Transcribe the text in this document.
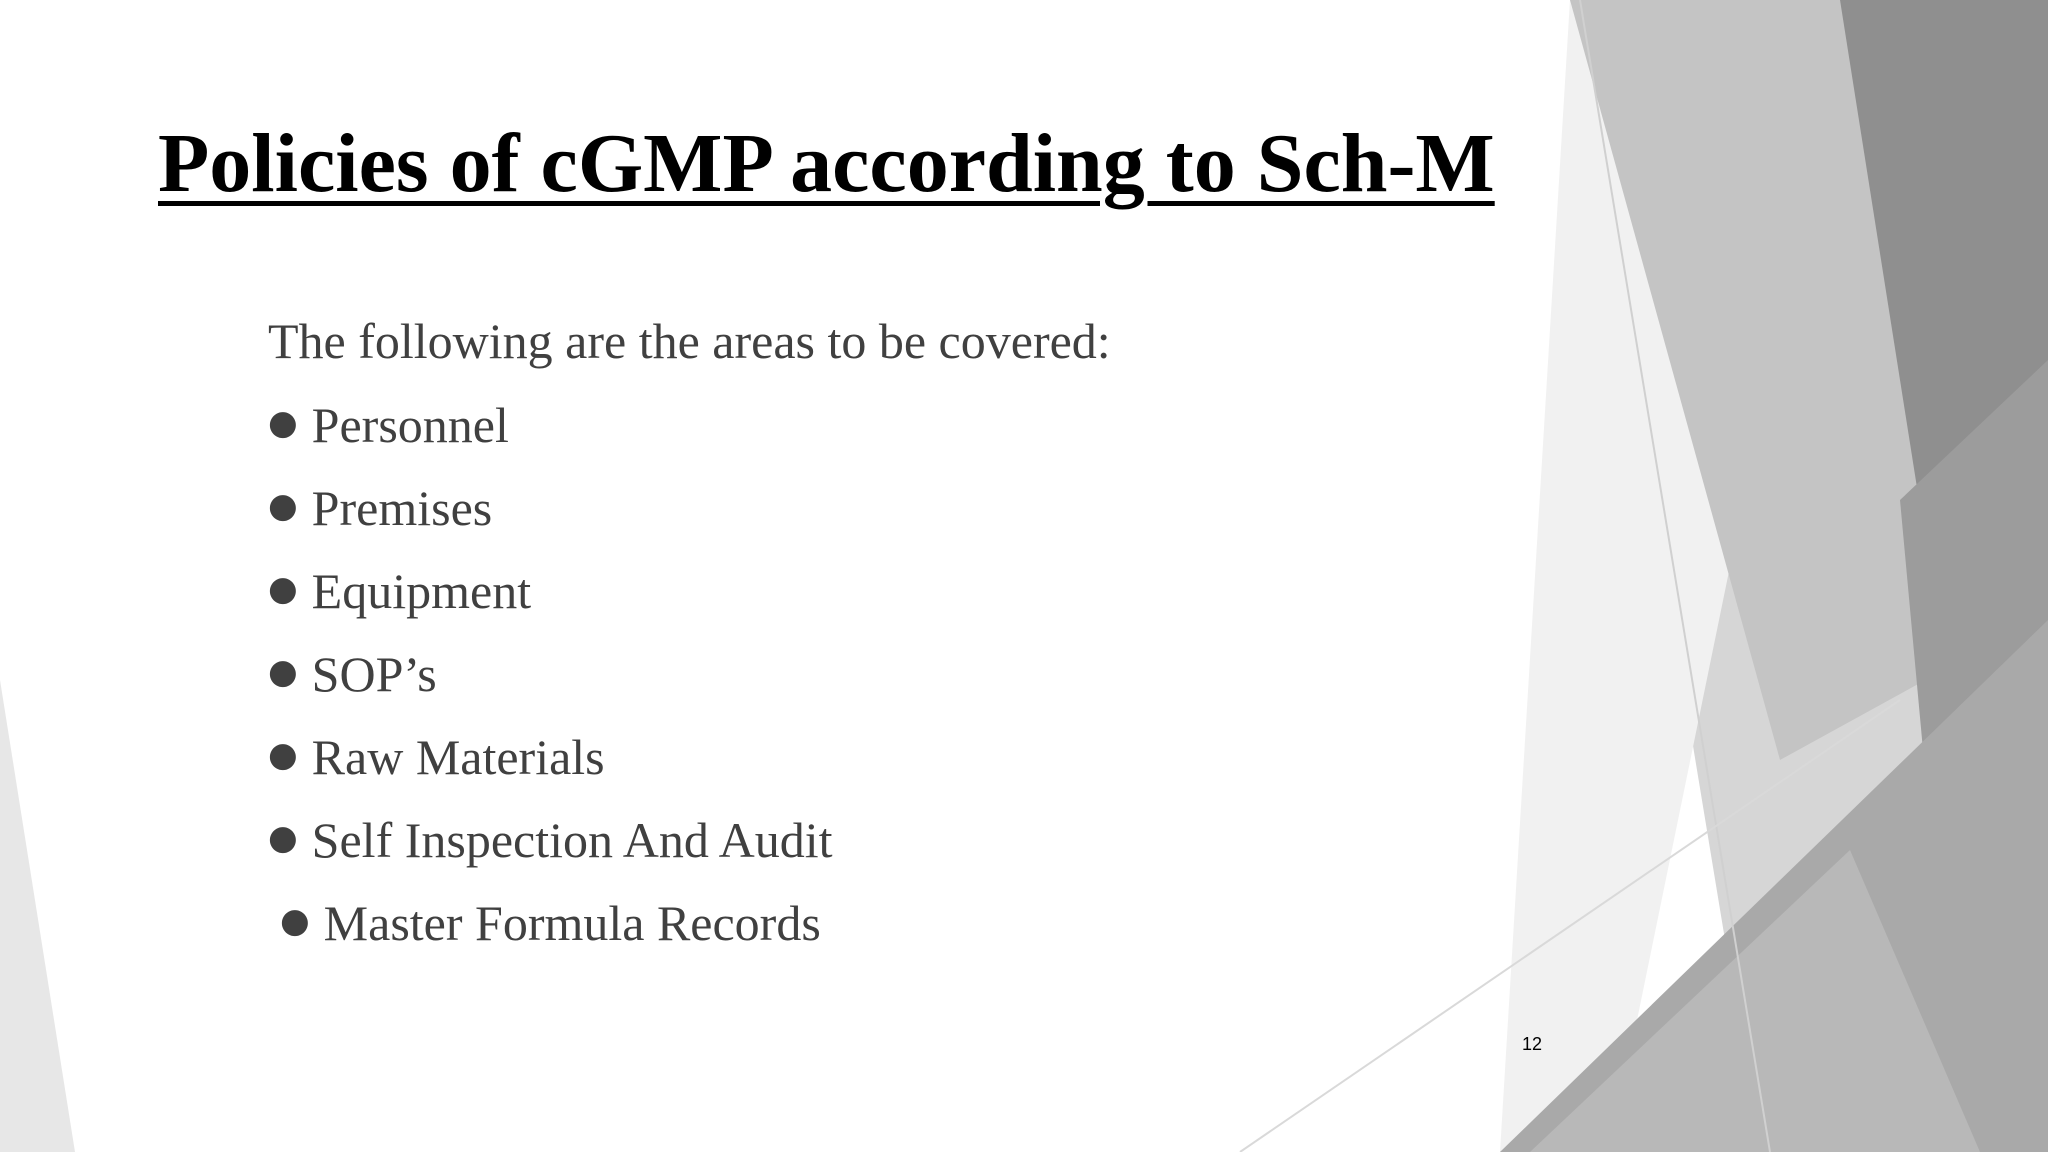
Policies of cGMP according to Sch-M
The following are the areas to be covered:
● Personnel
● Premises
● Equipment
● SOP’s
● Raw Materials
● Self Inspection And Audit
● Master Formula Records
12
